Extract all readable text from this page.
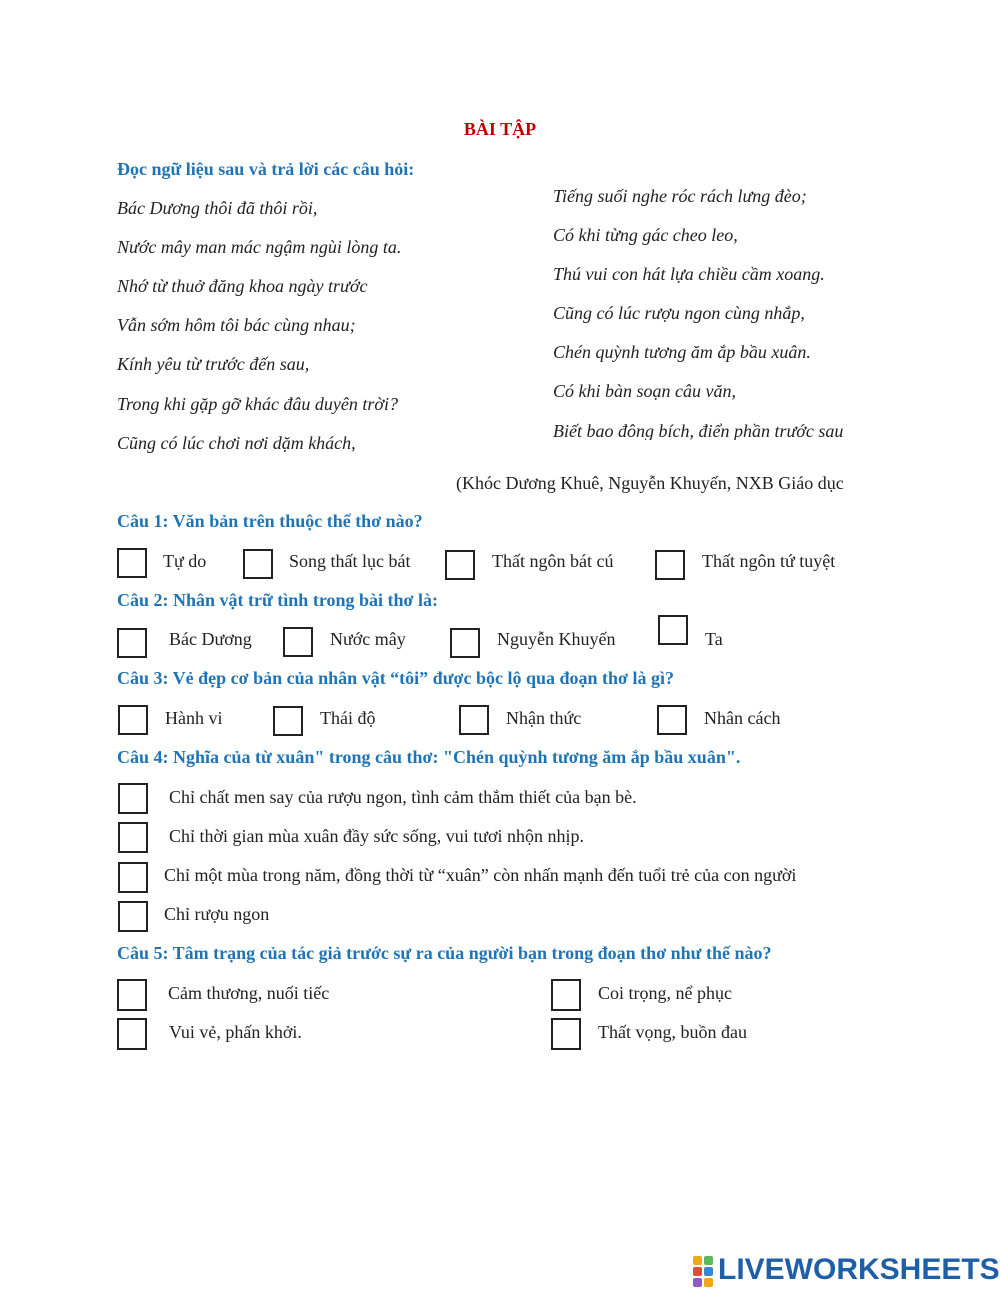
BÀI TẬP
Đọc ngữ liệu sau và trả lời các câu hỏi:
Bác Dương thôi đã thôi rồi,
Nước mây man mác ngậm ngùi lòng ta.
Nhớ từ thuở đăng khoa ngày trước
Vẫn sớm hôm tôi bác cùng nhau;
Kính yêu từ trước đến sau,
Trong khi gặp gỡ khác đâu duyên trời?
Cũng có lúc chơi nơi dặm khách,
Tiếng suối nghe róc rách lưng đèo;
Có khi từng gác cheo leo,
Thú vui con hát lựa chiều cầm xoang.
Cũng có lúc rượu ngon cùng nhắp,
Chén quỳnh tương ăm ắp bầu xuân.
Có khi bàn soạn câu văn,
Biết bao đông bích, điển phần trước sau
(Khóc Dương Khuê, Nguyễn Khuyến, NXB Giáo dục
Câu 1: Văn bản trên thuộc thể thơ nào?
Tự do	Song thất lục bát	Thất ngôn bát cú	Thất ngôn tứ tuyệt
Câu 2: Nhân vật trữ tình trong bài thơ là:
Bác Dương	Nước mây	Nguyễn Khuyến	Ta
Câu 3: Vẻ đẹp cơ bản của nhân vật “tôi” được bộc lộ qua đoạn thơ là gì?
Hành vi	Thái độ	Nhận thức	Nhân cách
Câu 4: Nghĩa của từ xuân" trong câu thơ: "Chén quỳnh tương ăm ắp bầu xuân".
Chỉ chất men say của rượu ngon, tình cảm thắm thiết của bạn bè.
Chỉ thời gian mùa xuân đầy sức sống, vui tươi nhộn nhịp.
Chỉ một mùa trong năm, đồng thời từ “xuân” còn nhấn mạnh đến tuổi trẻ của con người
Chỉ rượu ngon
Câu 5: Tâm trạng của tác giả trước sự ra của người bạn trong đoạn thơ như thế nào?
Cảm thương, nuối tiếc	Coi trọng, nể phục
Vui vẻ, phấn khởi.	Thất vọng, buồn đau
LIVEWORKSHEETS
